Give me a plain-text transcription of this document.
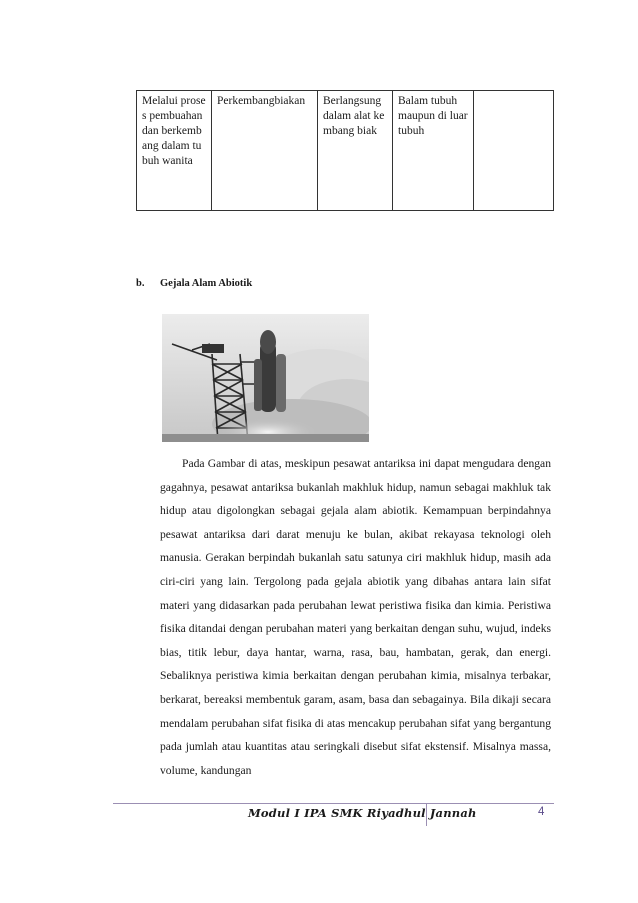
Melalui proses pembuahan dan berkembang dalam tubuh wanita	Perkembangbiakan	Berlangsung dalam alat kembang biak	Balam tubuh maupun di luar tubuh	
b. Gejala Alam Abiotik

Pada Gambar di atas, meskipun pesawat antariksa ini dapat mengudara dengan gagahnya, pesawat antariksa bukanlah makhluk hidup, namun sebagai makhluk tak hidup atau digolongkan sebagai gejala alam abiotik. Kemampuan berpindahnya pesawat antariksa dari darat menuju ke bulan, akibat rekayasa teknologi oleh manusia. Gerakan berpindah bukanlah satu satunya ciri makhluk hidup, masih ada ciri-ciri yang lain. Tergolong pada gejala abiotik yang dibahas antara lain sifat materi yang didasarkan pada perubahan lewat peristiwa fisika dan kimia. Peristiwa fisika ditandai dengan perubahan materi yang berkaitan dengan suhu, wujud, indeks bias, titik lebur, daya hantar, warna, rasa, bau, hambatan, gerak, dan energi. Sebaliknya peristiwa kimia berkaitan dengan perubahan kimia, misalnya terbakar, berkarat, bereaksi membentuk garam, asam, basa dan sebagainya. Bila dikaji secara mendalam perubahan sifat fisika di atas mencakup perubahan sifat yang bergantung pada jumlah atau kuantitas atau seringkali disebut sifat ekstensif. Misalnya massa, volume, kandungan

Modul I IPA SMK Riyadhul Jannah	4
